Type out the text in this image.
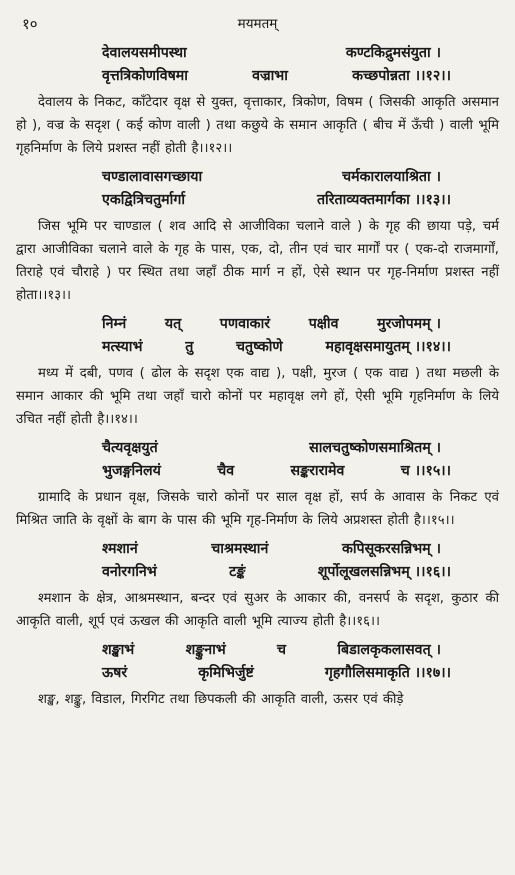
१०	मयमतम्
देवालयसमीपस्था	कण्टकिद्रुमसंयुता ।
वृत्तत्रिकोणविषमा	वज्राभा	कच्छपोन्नता ।।१२।।

देवालय के निकट, काँटेदार वृक्ष से युक्त, वृत्ताकार, त्रिकोण, विषम ( जिसकी आकृति असमान हो ), वज्र के सदृश ( कई कोण वाली ) तथा कछुये के समान आकृति ( बीच में ऊँची ) वाली भूमि गृहनिर्माण के लिये प्रशस्त नहीं होती है।।१२।।

चण्डालावासगच्छाया	चर्मकारालयाश्रिता ।
एकद्वित्रिचतुर्मार्गा	तरिताव्यक्तमार्गका ।।१३।।

जिस भूमि पर चाण्डाल ( शव आदि से आजीविका चलाने वाले ) के गृह की छाया पड़े, चर्म द्वारा आजीविका चलाने वाले के गृह के पास, एक, दो, तीन एवं चार मार्गों पर ( एक-दो राजमार्गों, तिराहे एवं चौराहे ) पर स्थित तथा जहाँ ठीक मार्ग न हों, ऐसे स्थान पर गृह-निर्माण प्रशस्त नहीं होता।।१३।।

निम्नं	यत्	पणवाकारं	पक्षीव	मुरजोपमम् ।
मत्स्याभं	तु	चतुष्कोणे	महावृक्षसमायुतम् ।।१४।।

मध्य में दबी, पणव ( ढोल के सदृश एक वाद्य ), पक्षी, मुरज ( एक वाद्य ) तथा मछली के समान आकार की भूमि तथा जहाँ चारो कोनों पर महावृक्ष लगे हों, ऐसी भूमि गृहनिर्माण के लिये उचित नहीं होती है।।१४।।

चैत्यवृक्षयुतं	सालचतुष्कोणसमाश्रितम् ।
भुजङ्गनिलयं	चैव	सङ्करारामेव	च ।।१५।।

ग्रामादि के प्रधान वृक्ष, जिसके चारो कोनों पर साल वृक्ष हों, सर्प के आवास के निकट एवं मिश्रित जाति के वृक्षों के बाग के पास की भूमि गृह-निर्माण के लिये अप्रशस्त होती है।।१५।।

श्मशानं	चाश्रमस्थानं	कपिसूकरसन्निभम् ।
वनोरगनिभं	टङ्कं	शूर्पोलूखलसन्निभम् ।।१६।।

श्मशान के क्षेत्र, आश्रमस्थान, बन्दर एवं सुअर के आकार की, वनसर्प के सदृश, कुठार की आकृति वाली, शूर्प एवं ऊखल की आकृति वाली भूमि त्याज्य होती है।।१६।।

शङ्खाभं	शङ्कुनाभं	च	बिडालकृकलासवत् ।
ऊषरं	कृमिभिर्जुष्टं	गृहगौलिसमाकृति ।।१७।।

शङ्ख, शङ्कु, विडाल, गिरगिट तथा छिपकली की आकृति वाली, ऊसर एवं कीड़े
